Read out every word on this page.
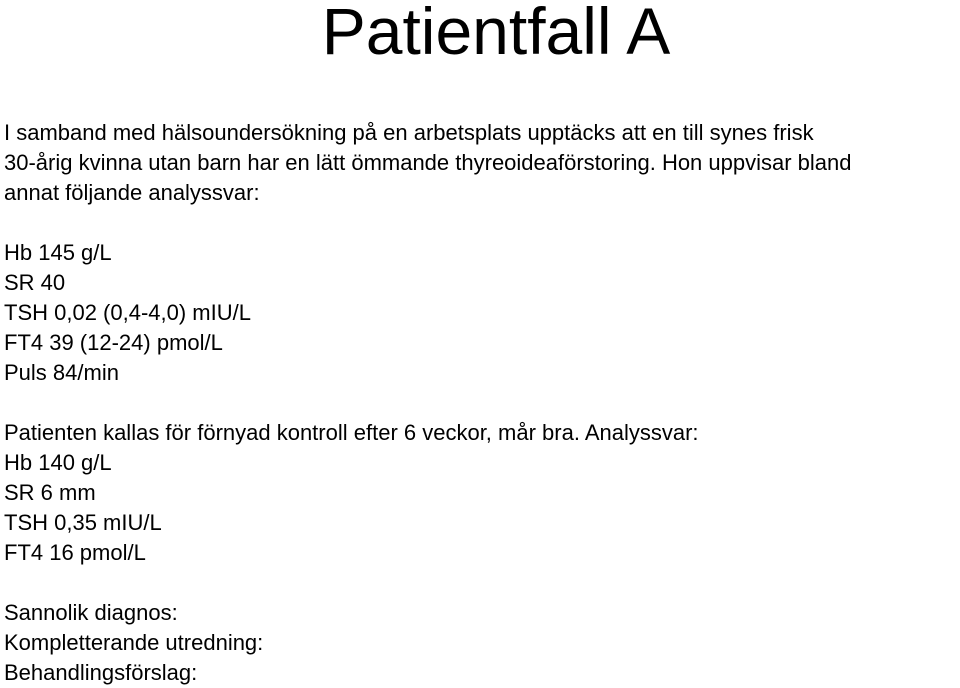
Patientfall A
I samband med hälsoundersökning på en arbetsplats upptäcks att en till synes frisk
30-årig kvinna utan barn har en lätt ömmande thyreoideaförstoring. Hon uppvisar bland
annat följande analyssvar:
Hb 145 g/L
SR 40
TSH 0,02 (0,4-4,0) mIU/L
FT4 39 (12-24) pmol/L
Puls 84/min
Patienten kallas för förnyad kontroll efter 6 veckor, mår bra. Analyssvar:
Hb 140 g/L
SR 6 mm
TSH 0,35 mIU/L
FT4 16 pmol/L
Sannolik diagnos:
Kompletterande utredning:
Behandlingsförslag:
